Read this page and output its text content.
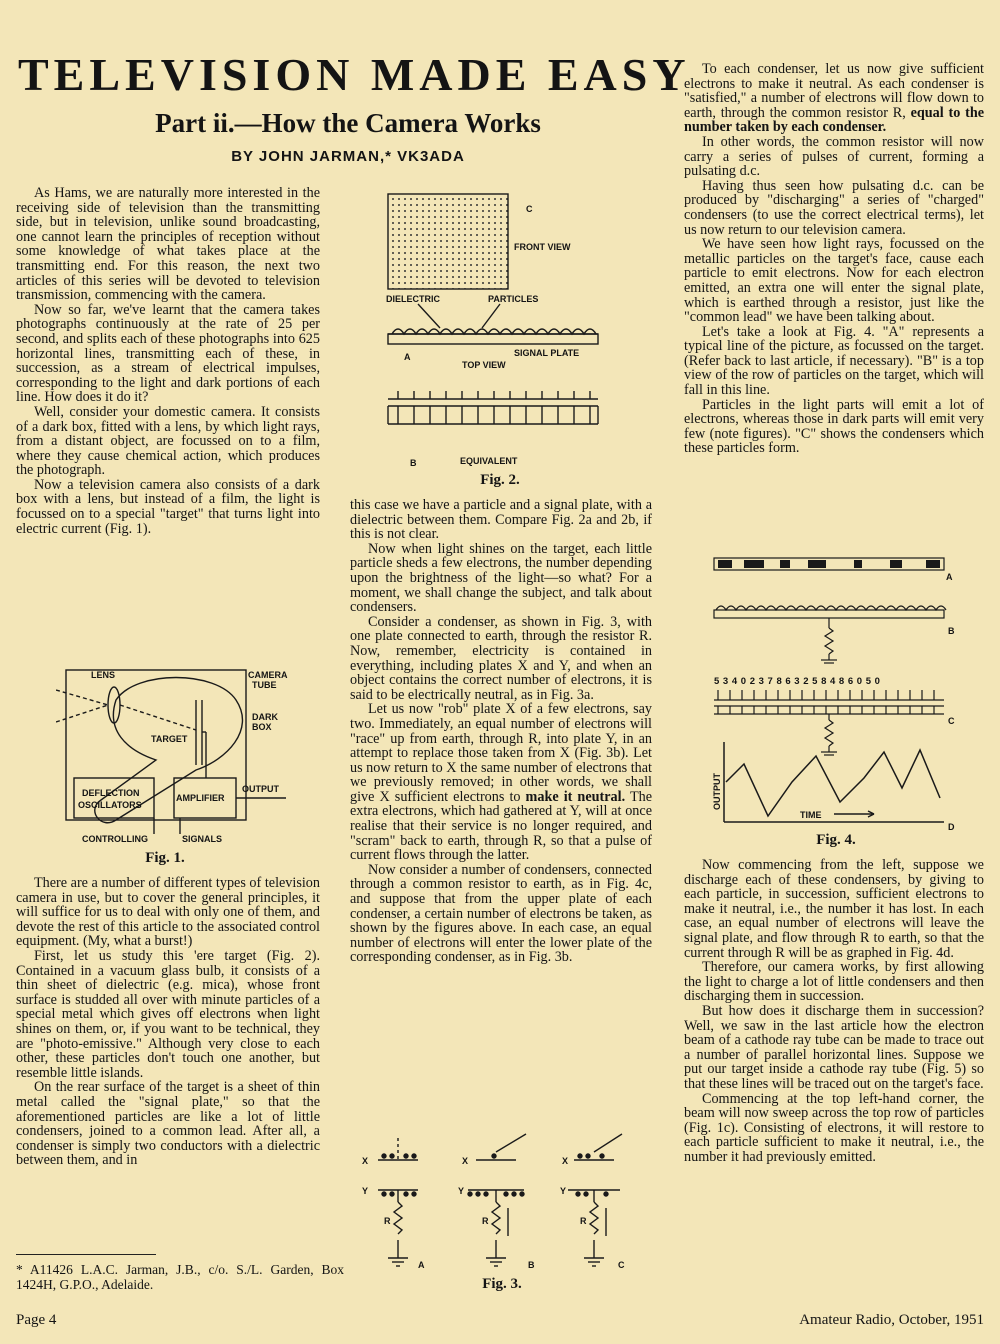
TELEVISION MADE EASY
Part ii.—How the Camera Works
BY JOHN JARMAN,* VK3ADA

As Hams, we are naturally more interested in the receiving side of television than the transmitting side, but in television, unlike sound broadcasting, one cannot learn the principles of reception without some knowledge of what takes place at the transmitting end. For this reason, the next two articles of this series will be devoted to television transmission, commencing with the camera.

Now so far, we've learnt that the camera takes photographs continuously at the rate of 25 per second, and splits each of these photographs into 625 horizontal lines, transmitting each of these, in succession, as a stream of electrical impulses, corresponding to the light and dark portions of each line. How does it do it?

Well, consider your domestic camera. It consists of a dark box, fitted with a lens, by which light rays, from a distant object, are focussed on to a film, where they cause chemical action, which produces the photograph.

Now a television camera also consists of a dark box with a lens, but instead of a film, the light is focussed on to a special "target" that turns light into electric current (Fig. 1).

LENS	CAMERA
TUBE
DARK
BOX
TARGET
DEFLECTION
OSCILLATORS
AMPLIFIER
OUTPUT
CONTROLLING	SIGNALS
Fig. 1.

There are a number of different types of television camera in use, but to cover the general principles, it will suffice for us to deal with only one of them, and devote the rest of this article to the associated control equipment. (My, what a burst!)

First, let us study this 'ere target (Fig. 2). Contained in a vacuum glass bulb, it consists of a thin sheet of dielectric (e.g. mica), whose front surface is studded all over with minute particles of a special metal which gives off electrons when light shines on them, or, if you want to be technical, they are "photo-emissive." Although very close to each other, these particles don't touch one another, but resemble little islands.

On the rear surface of the target is a sheet of thin metal called the "signal plate," so that the aforementioned particles are like a lot of little condensers, joined to a common lead. After all, a condenser is simply two conductors with a dielectric between them, and in

* A11426 L.A.C. Jarman, J.B., c/o. S./L. Garden, Box 1424H, G.P.O., Adelaide.
C
FRONT VIEW
DIELECTRIC	PARTICLES
SIGNAL PLATE
A
TOP VIEW
B	EQUIVALENT
Fig. 2.

this case we have a particle and a signal plate, with a dielectric between them. Compare Fig. 2a and 2b, if this is not clear.

Now when light shines on the target, each little particle sheds a few electrons, the number depending upon the brightness of the light—so what? For a moment, we shall change the subject, and talk about condensers.

Consider a condenser, as shown in Fig. 3, with one plate connected to earth, through the resistor R. Now, remember, electricity is contained in everything, including plates X and Y, and when an object contains the correct number of electrons, it is said to be electrically neutral, as in Fig. 3a.

Let us now "rob" plate X of a few electrons, say two. Immediately, an equal number of electrons will "race" up from earth, through R, into plate Y, in an attempt to replace those taken from X (Fig. 3b). Let us now return to X the same number of electrons that we previously removed; in other words, we shall give X sufficient electrons to make it neutral. The extra electrons, which had gathered at Y, will at once realise that their service is no longer required, and "scram" back to earth, through R, so that a pulse of current flows through the latter.

Now consider a number of condensers, connected through a common resistor to earth, as in Fig. 4c, and suppose that from the upper plate of each condenser, a certain number of electrons be taken, as shown by the figures above. In each case, an equal number of electrons will enter the lower plate of the corresponding condenser, as in Fig. 3b.

X
Y
R
A
X
Y
R
B
X
Y
R
C
Fig. 3.

To each condenser, let us now give sufficient electrons to make it neutral. As each condenser is "satisfied," a number of electrons will flow down to earth, through the common resistor R, equal to the number taken by each condenser.

In other words, the common resistor will now carry a series of pulses of current, forming a pulsating d.c.

Having thus seen how pulsating d.c. can be produced by "discharging" a series of "charged" condensers (to use the correct electrical terms), let us now return to our television camera.

We have seen how light rays, focussed on the metallic particles on the target's face, cause each particle to emit electrons. Now for each electron emitted, an extra one will enter the signal plate, which is earthed through a resistor, just like the "common lead" we have been talking about.

Let's take a look at Fig. 4. "A" represents a typical line of the picture, as focussed on the target. (Refer back to last article, if necessary). "B" is a top view of the row of particles on the target, which will fall in this line.

Particles in the light parts will emit a lot of electrons, whereas those in dark parts will emit very few (note figures). "C" shows the condensers which these particles form.

5 3 4 0 2 3 7 8 6 3 2 5 8 4 8 6 0 5 0
A
B
C
OUTPUT
TIME
D
Fig. 4.

Now commencing from the left, suppose we discharge each of these condensers, by giving to each particle, in succession, sufficient electrons to make it neutral, i.e., the number it has lost. In each case, an equal number of electrons will leave the signal plate, and flow through R to earth, so that the current through R will be as graphed in Fig. 4d.

Therefore, our camera works, by first allowing the light to charge a lot of little condensers and then discharging them in succession.

But how does it discharge them in succession? Well, we saw in the last article how the electron beam of a cathode ray tube can be made to trace out a number of parallel horizontal lines. Suppose we put our target inside a cathode ray tube (Fig. 5) so that these lines will be traced out on the target's face.

Commencing at the top left-hand corner, the beam will now sweep across the top row of particles (Fig. 1c). Consisting of electrons, it will restore to each particle sufficient to make it neutral, i.e., the number it had previously emitted.

Page 4	Amateur Radio, October, 1951
